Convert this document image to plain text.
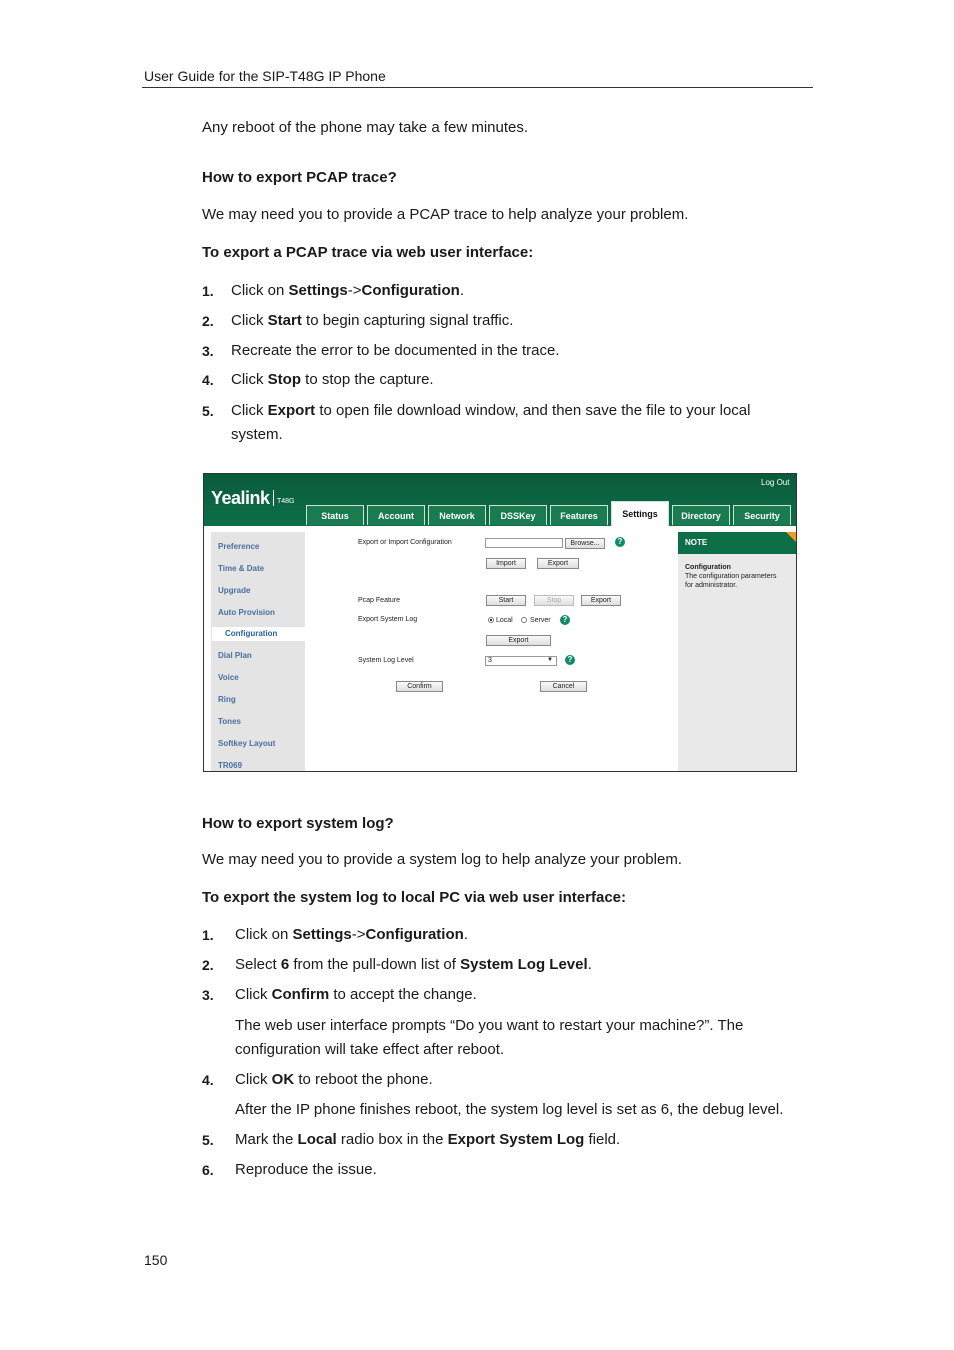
User Guide for the SIP-T48G IP Phone
Any reboot of the phone may take a few minutes.
How to export PCAP trace?
We may need you to provide a PCAP trace to help analyze your problem.
To export a PCAP trace via web user interface:
1. Click on Settings->Configuration.
2. Click Start to begin capturing signal traffic.
3. Recreate the error to be documented in the trace.
4. Click Stop to stop the capture.
5. Click Export to open file download window, and then save the file to your local
system.
Yealink T48G
Log Out
Status	Account	Network	DSSKey	Features	Settings	Directory	Security
Preference
Time & Date
Upgrade
Auto Provision
Configuration
Dial Plan
Voice
Ring
Tones
Softkey Layout
TR069
Export or Import Configuration	Browse...	?
Import	Export
Pcap Feature	Start	Stop	Export
Export System Log	Local Server	?
Export
System Log Level	3	▼	?
Confirm	Cancel
NOTE
Configuration
The configuration parameters
for administrator.
How to export system log?
We may need you to provide a system log to help analyze your problem.
To export the system log to local PC via web user interface:
1. Click on Settings->Configuration.
2. Select 6 from the pull-down list of System Log Level.
3. Click Confirm to accept the change.
The web user interface prompts “Do you want to restart your machine?”. The
configuration will take effect after reboot.
4. Click OK to reboot the phone.
After the IP phone finishes reboot, the system log level is set as 6, the debug level.
5. Mark the Local radio box in the Export System Log field.
6. Reproduce the issue.
150
